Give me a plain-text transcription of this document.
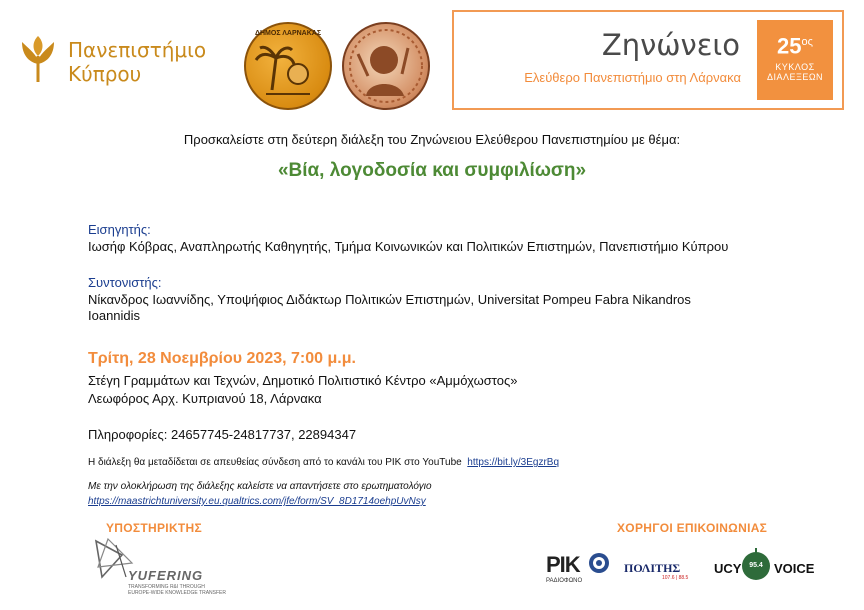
Πανεπιστήμιο
Κύπρου
ΔΗΜΟΣ ΛΑΡΝΑΚΑΣ	Ζηνώνειο
Ελεύθερο Πανεπιστήμιο στη Λάρνακα
$25^{o\varsigma}$
ΚΥΚΛΟΣ
ΔΙΑΛΕΞΕΩΝ
Προσκαλείστε στη δεύτερη διάλεξη του Ζηνώνειου Ελεύθερου Πανεπιστημίου με θέμα:
«Βία, λογοδοσία και συμφιλίωση»
Εισηγητής:
Ιωσήφ Κόβρας, Αναπληρωτής Καθηγητής, Τμήμα Κοινωνικών και Πολιτικών Επιστημών, Πανεπιστήμιο Κύπρου
Συντονιστής:
Νίκανδρος Ιωαννίδης, Υποψήφιος Διδάκτωρ Πολιτικών Επιστημών, Universitat Pompeu Fabra Nikandros
Ioannidis
Τρίτη, 28 Νοεμβρίου 2023, 7:00 μ.μ.
Στέγη Γραμμάτων και Τεχνών, Δημοτικό Πολιτιστικό Κέντρο «Αμμόχωστος»
Λεωφόρος Αρχ. Κυπριανού 18, Λάρνακα
Πληροφορίες: 24657745-24817737, 22894347
Η διάλεξη θα μεταδίδεται σε απευθείας σύνδεση από το κανάλι του ΡΙΚ στο YouTube https://bit.ly/3EgzrBq
Με την ολοκλήρωση της διάλεξης καλείστε να απαντήσετε στο ερωτηματολόγιο
https://maastrichtuniversity.eu.qualtrics.com/jfe/form/SV_8D1714oehpUvNsy
ΥΠΟΣΤΗΡΙΚΤΗΣ
YUFERING
TRANSFORMING R&I THROUGH
EUROPE-WIDE KNOWLEDGE TRANSFER
ΧΟΡΗΓΟΙ ΕΠΙΚΟΙΝΩΝΙΑΣ
ΡΙΚ
ΡΑΔΙΟΦΩΝΟ
ΠΟΛΙΤΗΣ
107.6 | 88.5
UCY	95.4 VOICE
